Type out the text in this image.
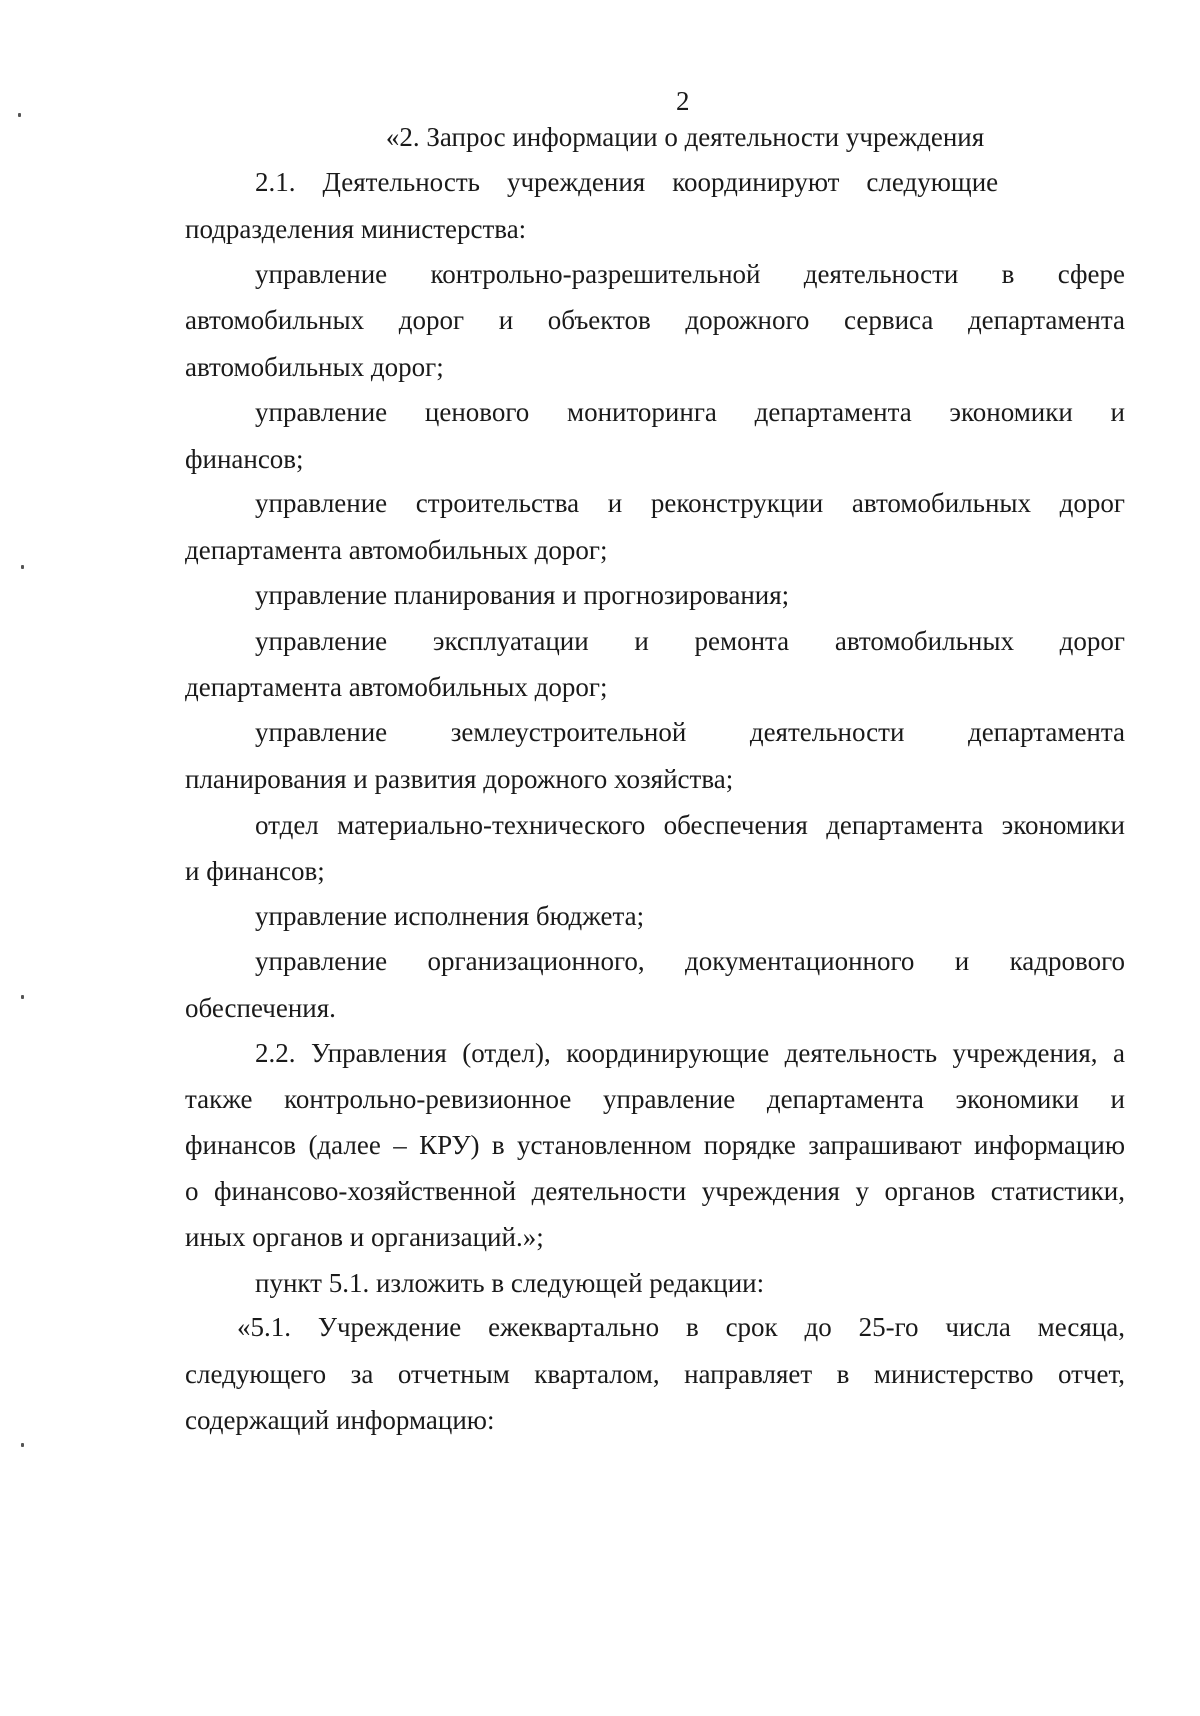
2
«2. Запрос информации о деятельности учреждения
2.1. Деятельность учреждения координируют следующие
подразделения министерства:
управление контрольно-разрешительной деятельности в сфере
автомобильных дорог и объектов дорожного сервиса департамента
автомобильных дорог;
управление ценового мониторинга департамента экономики и
финансов;
управление строительства и реконструкции автомобильных дорог
департамента автомобильных дорог;
управление планирования и прогнозирования;
управление эксплуатации и ремонта автомобильных дорог
департамента автомобильных дорог;
управление землеустроительной деятельности департамента
планирования и развития дорожного хозяйства;
отдел материально-технического обеспечения департамента экономики
и финансов;
управление исполнения бюджета;
управление организационного, документационного и кадрового
обеспечения.
2.2. Управления (отдел), координирующие деятельность учреждения, а
также контрольно-ревизионное управление департамента экономики и
финансов (далее – КРУ) в установленном порядке запрашивают информацию
о финансово-хозяйственной деятельности учреждения у органов статистики,
иных органов и организаций.»;
пункт 5.1. изложить в следующей редакции:
«5.1. Учреждение ежеквартально в срок до 25-го числа месяца,
следующего за отчетным кварталом, направляет в министерство отчет,
содержащий информацию:
